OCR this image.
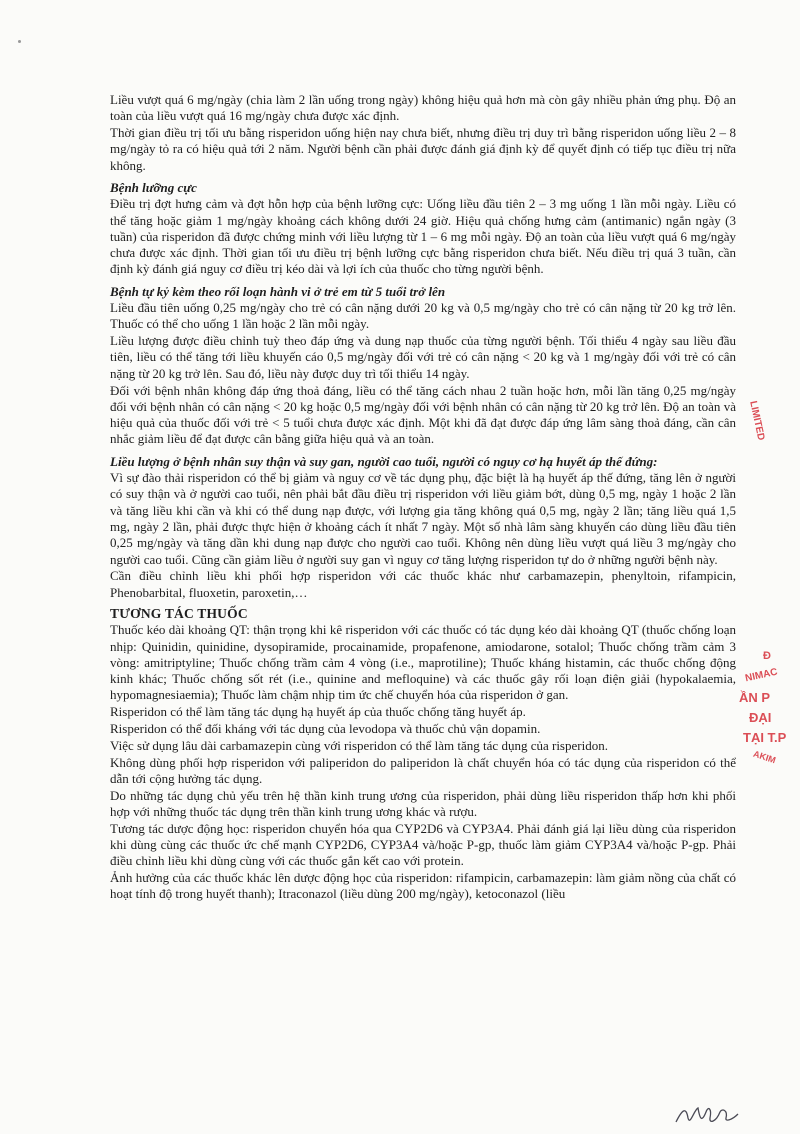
Liều vượt quá 6 mg/ngày (chia làm 2 lần uống trong ngày) không hiệu quả hơn mà còn gây nhiều phản ứng phụ. Độ an toàn của liều vượt quá 16 mg/ngày chưa được xác định.

Thời gian điều trị tối ưu bằng risperidon uống hiện nay chưa biết, nhưng điều trị duy trì bằng risperidon uống liều 2 – 8 mg/ngày tỏ ra có hiệu quả tới 2 năm. Người bệnh cần phải được đánh giá định kỳ để quyết định có tiếp tục điều trị nữa không.

Bệnh lưỡng cực

Điều trị đợt hưng cảm và đợt hỗn hợp của bệnh lưỡng cực: Uống liều đầu tiên 2 – 3 mg uống 1 lần mỗi ngày. Liều có thể tăng hoặc giảm 1 mg/ngày khoảng cách không dưới 24 giờ. Hiệu quả chống hưng cảm (antimanic) ngắn ngày (3 tuần) của risperidon đã được chứng minh với liều lượng từ 1 – 6 mg mỗi ngày. Độ an toàn của liều vượt quá 6 mg/ngày chưa được xác định. Thời gian tối ưu điều trị bệnh lưỡng cực bằng risperidon chưa biết. Nếu điều trị quá 3 tuần, cần định kỳ đánh giá nguy cơ điều trị kéo dài và lợi ích của thuốc cho từng người bệnh.

Bệnh tự kỷ kèm theo rối loạn hành vi ở trẻ em từ 5 tuổi trở lên

Liều đầu tiên uống 0,25 mg/ngày cho trẻ có cân nặng dưới 20 kg và 0,5 mg/ngày cho trẻ có cân nặng từ 20 kg trở lên. Thuốc có thể cho uống 1 lần hoặc 2 lần mỗi ngày.

Liều lượng được điều chỉnh tuỳ theo đáp ứng và dung nạp thuốc của từng người bệnh. Tối thiểu 4 ngày sau liều đầu tiên, liều có thể tăng tới liều khuyến cáo 0,5 mg/ngày đối với trẻ có cân nặng < 20 kg và 1 mg/ngày đối với trẻ có cân nặng từ 20 kg trở lên. Sau đó, liều này được duy trì tối thiểu 14 ngày.

Đối với bệnh nhân không đáp ứng thoả đáng, liều có thể tăng cách nhau 2 tuần hoặc hơn, mỗi lần tăng 0,25 mg/ngày đối với bệnh nhân có cân nặng < 20 kg hoặc 0,5 mg/ngày đối với bệnh nhân có cân nặng từ 20 kg trở lên. Độ an toàn và hiệu quả của thuốc đối với trẻ < 5 tuổi chưa được xác định. Một khi đã đạt được đáp ứng lâm sàng thoả đáng, cần cân nhắc giảm liều để đạt được cân bằng giữa hiệu quả và an toàn.

Liều lượng ở bệnh nhân suy thận và suy gan, người cao tuổi, người có nguy cơ hạ huyết áp thế đứng:

Vì sự đào thải risperidon có thể bị giảm và nguy cơ về tác dụng phụ, đặc biệt là hạ huyết áp thế đứng, tăng lên ở người có suy thận và ở người cao tuổi, nên phải bắt đầu điều trị risperidon với liều giảm bớt, dùng 0,5 mg, ngày 1 hoặc 2 lần và tăng liều khi cần và khi có thể dung nạp được, với lượng gia tăng không quá 0,5 mg, ngày 2 lần; tăng liều quá 1,5 mg, ngày 2 lần, phải được thực hiện ở khoảng cách ít nhất 7 ngày. Một số nhà lâm sàng khuyến cáo dùng liều đầu tiên 0,25 mg/ngày và tăng dần khi dung nạp được cho người cao tuổi. Không nên dùng liều vượt quá liều 3 mg/ngày cho người cao tuổi. Cũng cần giảm liều ở người suy gan vì nguy cơ tăng lượng risperidon tự do ở những người bệnh này.

Cần điều chỉnh liều khi phối hợp risperidon với các thuốc khác như carbamazepin, phenyltoin, rifampicin, Phenobarbital, fluoxetin, paroxetin,…

TƯƠNG TÁC THUỐC

Thuốc kéo dài khoảng QT: thận trọng khi kê risperidon với các thuốc có tác dụng kéo dài khoảng QT (thuốc chống loạn nhịp: Quinidin, quinidine, dysopiramide, procainamide, propafenone, amiodarone, sotalol; Thuốc chống trầm cảm 3 vòng: amitriptyline; Thuốc chống trầm cảm 4 vòng (i.e., maprotiline); Thuốc kháng histamin, các thuốc chống động kinh khác; Thuốc chống sốt rét (i.e., quinine and mefloquine) và các thuốc gây rối loạn điện giải (hypokalaemia, hypomagnesiaemia); Thuốc làm chậm nhịp tim ức chế chuyển hóa của risperidon ở gan.

Risperidon có thể làm tăng tác dụng hạ huyết áp của thuốc chống tăng huyết áp.

Risperidon có thể đối kháng với tác dụng của levodopa và thuốc chủ vận dopamin.

Việc sử dụng lâu dài carbamazepin cùng với risperidon có thể làm tăng tác dụng của risperidon.

Không dùng phối hợp risperidon với paliperidon do paliperidon là chất chuyển hóa có tác dụng của risperidon có thể dẫn tới cộng hưởng tác dụng.

Do những tác dụng chủ yếu trên hệ thần kinh trung ương của risperidon, phải dùng liều risperidon thấp hơn khi phối hợp với những thuốc tác dụng trên thần kinh trung ương khác và rượu.

Tương tác dược động học: risperidon chuyển hóa qua CYP2D6 và CYP3A4. Phải đánh giá lại liều dùng của risperidon khi dùng cùng các thuốc ức chế mạnh CYP2D6, CYP3A4 và/hoặc P-gp, thuốc làm giảm CYP3A4 và/hoặc P-gp. Phải điều chỉnh liều khi dùng cùng với các thuốc gắn kết cao với protein.

Ảnh hưởng của các thuốc khác lên dược động học của risperidon: rifampicin, carbamazepin: làm giảm nồng của chất có hoạt tính độ trong huyết thanh); Itraconazol (liều dùng 200 mg/ngày), ketoconazol (liều

LIMITED
Đ
NIMAC
ẦN P
ĐẠI
TẠI T.P
AKIM
